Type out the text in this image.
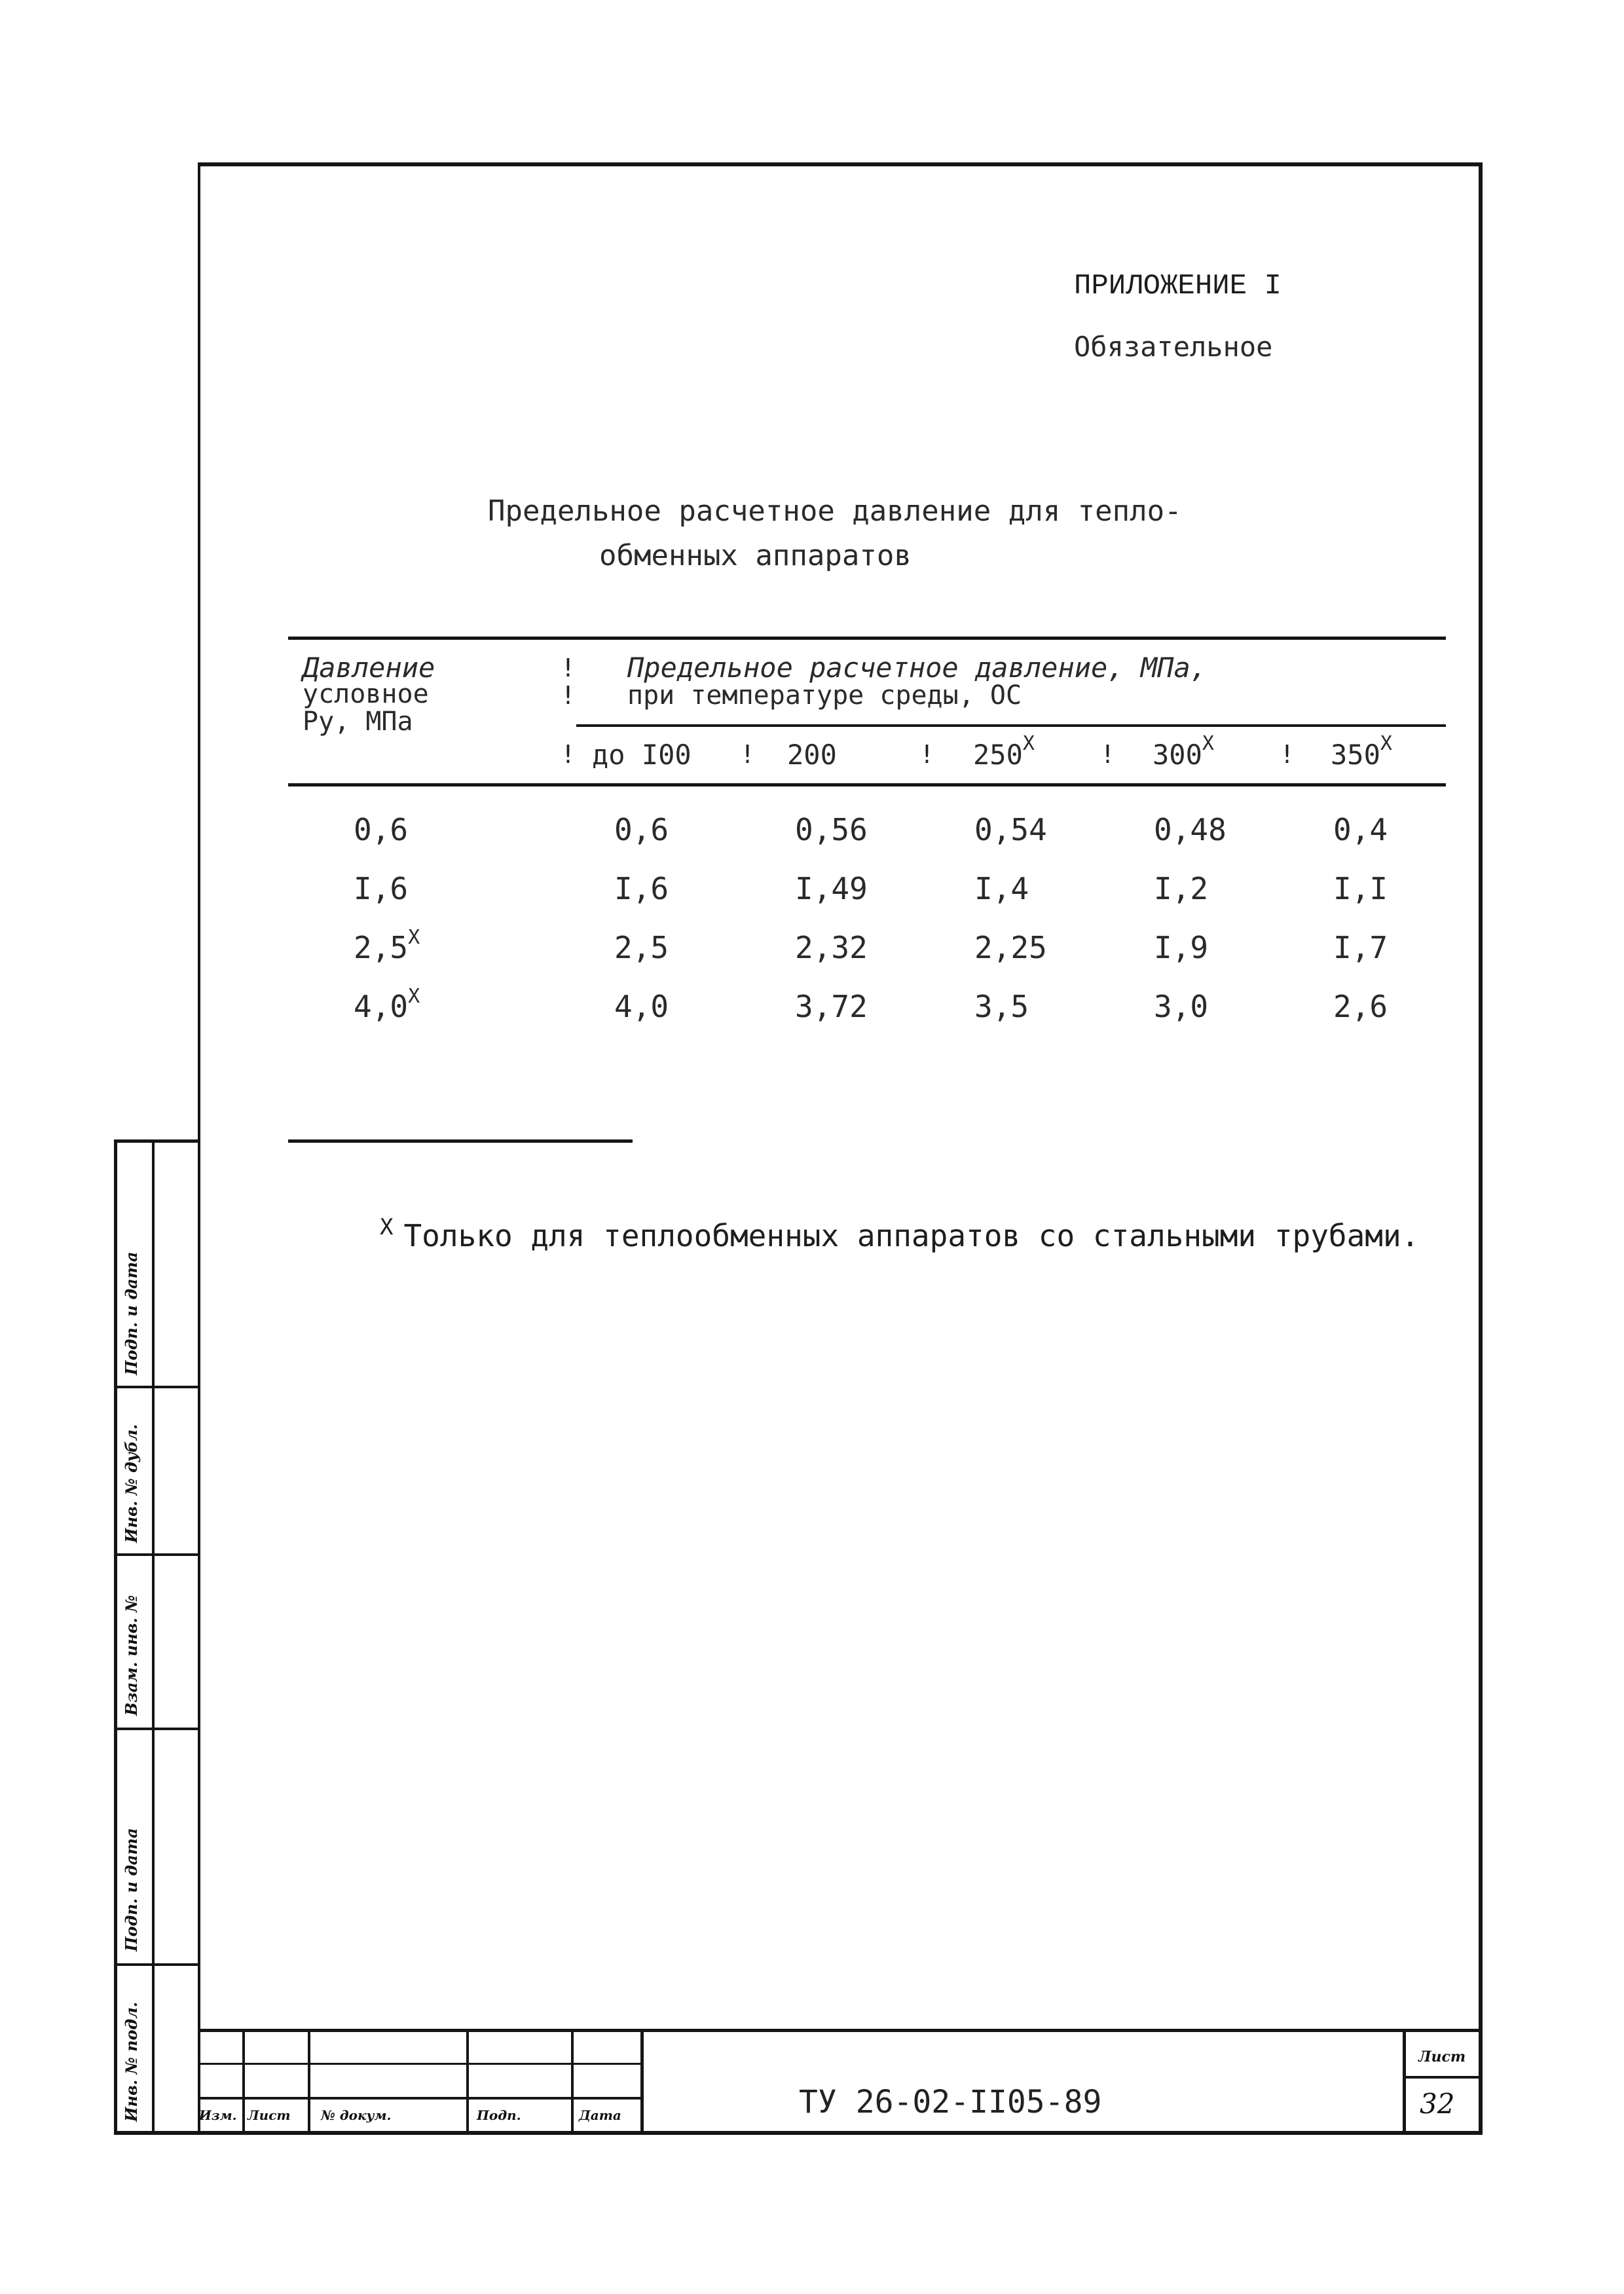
ПРИЛОЖЕНИЕ I
Обязательное
Предельное расчетное давление для тепло-
обменных аппаратов
Давление
условное
Ру, МПа
!
!
!	!	!	!	!
Предельное расчетное давление, МПа,
при температуре среды, ОС
до I00	200	$250^X$	$300^X$	$350^X$
0,6	0,6	0,56	0,54	0,48	0,4
I,6	I,6	I,49	I,4	I,2	I,I
$2,5^X$	2,5	2,32	2,25	I,9	I,7
$4,0^X$	4,0	3,72	3,5	3,0	2,6
$^X$ Только для теплообменных аппаратов со стальными трубами.
Инв. № подл.
Подп. и дата
Взам. инв. №
Инв. № дубл.
Подп. и дата
Изм. Лист № докум.	Подп.	Дата	ТУ 26-02-II05-89
Лист
32
